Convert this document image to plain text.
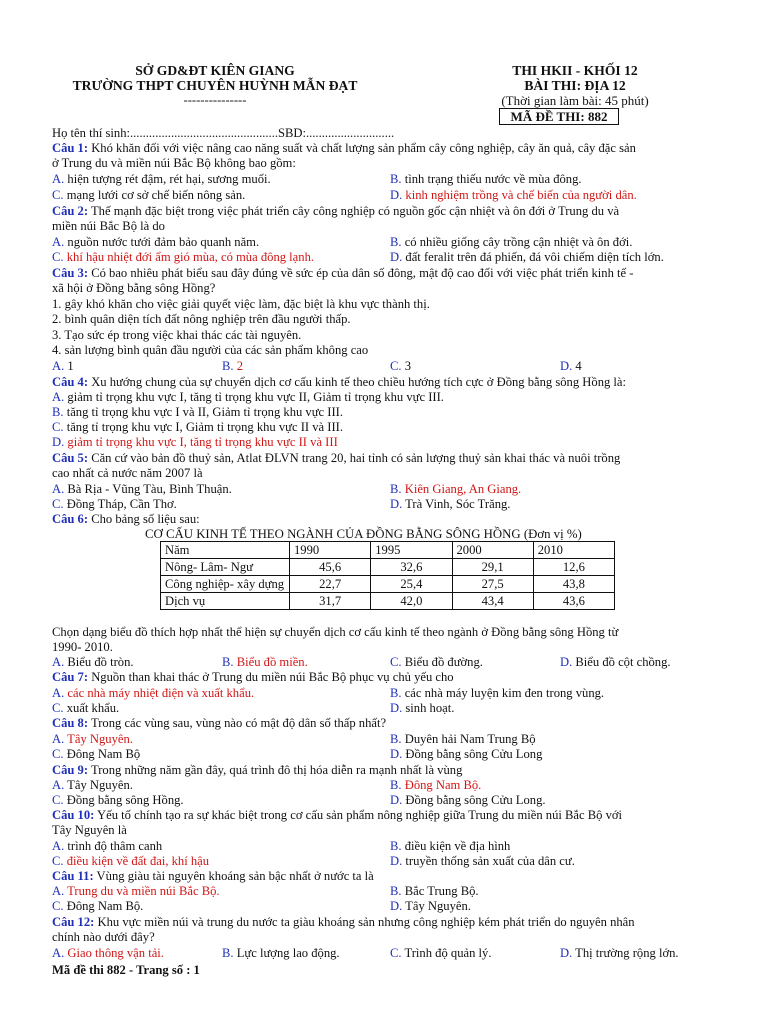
SỞ GD&ĐT KIÊN GIANG
TRƯỜNG THPT CHUYÊN HUỲNH MẪN ĐẠT
---------------
THI HKII - KHỐI 12
BÀI THI: ĐỊA 12
(Thời gian làm bài: 45 phút)
MÃ ĐỀ THI: 882
Họ tên thí sinh:...............................................SBD:............................
Câu 1: Khó khăn đối với việc nâng cao năng suất và chất lượng sản phẩm cây công nghiệp, cây ăn quả, cây đặc sản
ở Trung du và miền núi Bắc Bộ không bao gồm:
A. hiện tượng rét đậm, rét hại, sương muối.	B. tình trạng thiếu nước về mùa đông.
C. mạng lưới cơ sở chế biến nông sản.	D. kinh nghiệm trồng và chế biến của người dân.
Câu 2: Thế mạnh đặc biệt trong việc phát triển cây công nghiệp có nguồn gốc cận nhiệt và ôn đới ở Trung du và
miền núi Bắc Bộ là do
A. nguồn nước tưới đảm bảo quanh năm.	B. có nhiều giống cây trồng cận nhiệt và ôn đới.
C. khí hậu nhiệt đới ẩm gió mùa, có mùa đông lạnh.	D. đất feralit trên đá phiến, đá vôi chiếm diện tích lớn.
Câu 3: Có bao nhiêu phát biểu sau đây đúng về sức ép của dân số đông, mật độ cao đối với việc phát triển kinh tế -
xã hội ở Đồng bằng sông Hồng?
1. gây khó khăn cho việc giải quyết việc làm, đặc biệt là khu vực thành thị.
2. bình quân diện tích đất nông nghiệp trên đầu người thấp.
3. Tạo sức ép trong việc khai thác các tài nguyên.
4. sản lượng bình quân đầu người của các sản phẩm không cao
A. 1	B. 2	C. 3	D. 4
Câu 4: Xu hướng chung của sự chuyển dịch cơ cấu kinh tế theo chiều hướng tích cực ở Đồng bằng sông Hồng là:
A. giảm tỉ trọng khu vực I, tăng tỉ trọng khu vực II, Giảm tỉ trọng khu vực III.
B. tăng tỉ trọng khu vực I và II, Giảm tỉ trọng khu vực III.
C. tăng tỉ trọng khu vực I, Giảm tỉ trọng khu vực II và III.
D. giảm tỉ trọng khu vực I, tăng tỉ trọng khu vực II và III
Câu 5: Căn cứ vào bản đồ thuỷ sản, Atlat ĐLVN trang 20, hai tỉnh có sản lượng thuỷ sản khai thác và nuôi trồng
cao nhất cả nước năm 2007 là
A. Bà Rịa - Vũng Tàu, Bình Thuận.	B. Kiên Giang, An Giang.
C. Đồng Tháp, Cần Thơ.	D. Trà Vinh, Sóc Trăng.
Câu 6: Cho bảng số liệu sau:
CƠ CẤU KINH TẾ THEO NGÀNH CỦA ĐỒNG BẰNG SÔNG HỒNG (Đơn vị %)
Năm	1990	1995	2000	2010
Nông- Lâm- Ngư	45,6	32,6	29,1	12,6
Công nghiệp- xây dựng	22,7	25,4	27,5	43,8
Dịch vụ	31,7	42,0	43,4	43,6
Chọn dạng biểu đồ thích hợp nhất thể hiện sự chuyển dịch cơ cấu kinh tế theo ngành ở Đồng bằng sông Hồng từ
1990- 2010.
A. Biểu đồ tròn.	B. Biểu đồ miền.	C. Biểu đồ đường.	D. Biểu đồ cột chồng.
Câu 7: Nguồn than khai thác ở Trung du miền núi Bắc Bộ phục vụ chủ yếu cho
A. các nhà máy nhiệt điện và xuất khẩu.	B. các nhà máy luyện kim đen trong vùng.
C. xuất khẩu.	D. sinh hoạt.
Câu 8: Trong các vùng sau, vùng nào có mật độ dân số thấp nhất?
A. Tây Nguyên.	B. Duyên hải Nam Trung Bộ
C. Đông Nam Bộ	D. Đồng bằng sông Cửu Long
Câu 9: Trong những năm gần đây, quá trình đô thị hóa diễn ra mạnh nhất là vùng
A. Tây Nguyên.	B. Đông Nam Bộ.
C. Đồng bằng sông Hồng.	D. Đồng bằng sông Cửu Long.
Câu 10: Yếu tố chính tạo ra sự khác biệt trong cơ cấu sản phẩm nông nghiệp giữa Trung du miền núi Bắc Bộ với
Tây Nguyên là
A. trình độ thâm canh	B. điều kiện về địa hình
C. điều kiện về đất đai, khí hậu	D. truyền thống sản xuất của dân cư.
Câu 11: Vùng giàu tài nguyên khoáng sản bậc nhất ở nước ta là
A. Trung du và miền núi Bắc Bộ.	B. Bắc Trung Bộ.
C. Đông Nam Bộ.	D. Tây Nguyên.
Câu 12: Khu vực miền núi và trung du nước ta giàu khoáng sản nhưng công nghiệp kém phát triển do nguyên nhân
chính nào dưới đây?
A. Giao thông vận tải.	B. Lực lượng lao động.	C. Trình độ quản lý.	D. Thị trường rộng lớn.
Mã đề thi 882 - Trang số : 1
